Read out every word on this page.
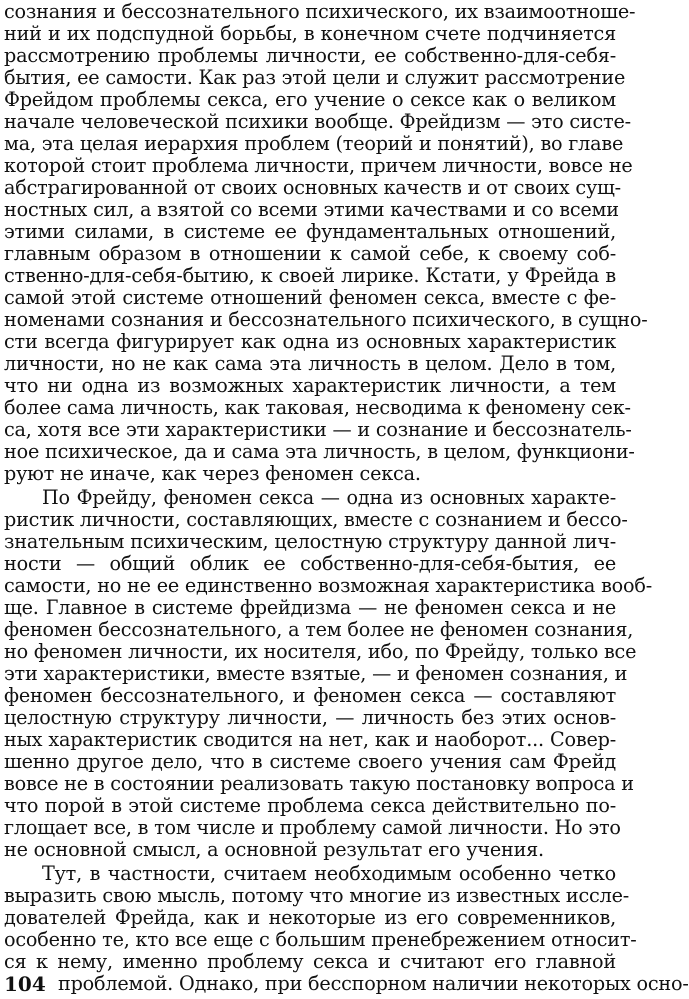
сознания и бессознательного психического, их взаимоотноше-
ний и их подспудной борьбы, в конечном счете подчиняется
рассмотрению проблемы личности, ее собственно-для-себя-
бытия, ее самости. Как раз этой цели и служит рассмотрение
Фрейдом проблемы секса, его учение о сексе как о великом
начале человеческой психики вообще. Фрейдизм — это систе-
ма, эта целая иерархия проблем (теорий и понятий), во главе
которой стоит проблема личности, причем личности, вовсе не
абстрагированной от своих основных качеств и от своих сущ-
ностных сил, а взятой со всеми этими качествами и со всеми
этими силами, в системе ее фундаментальных отношений,
главным образом в отношении к самой себе, к своему соб-
ственно-для-себя-бытию, к своей лирике. Кстати, у Фрейда в
самой этой системе отношений феномен секса, вместе с фе-
номенами сознания и бессознательного психического, в сущно-
сти всегда фигурирует как одна из основных характеристик
личности, но не как сама эта личность в целом. Дело в том,
что ни одна из возможных характеристик личности, а тем
более сама личность, как таковая, несводима к феномену сек-
са, хотя все эти характеристики — и сознание и бессознатель-
ное психическое, да и сама эта личность, в целом, функциони-
руют не иначе, как через феномен секса.
По Фрейду, феномен секса — одна из основных характе-
ристик личности, составляющих, вместе с сознанием и бессо-
знательным психическим, целостную структуру данной лич-
ности — общий облик ее собственно-для-себя-бытия, ее
самости, но не ее единственно возможная характеристика вооб-
ще. Главное в системе фрейдизма — не феномен секса и не
феномен бессознательного, а тем более не феномен сознания,
но феномен личности, их носителя, ибо, по Фрейду, только все
эти характеристики, вместе взятые, — и феномен сознания, и
феномен бессознательного, и феномен секса — составляют
целостную структуру личности, — личность без этих основ-
ных характеристик сводится на нет, как и наоборот... Совер-
шенно другое дело, что в системе своего учения сам Фрейд
вовсе не в состоянии реализовать такую постановку вопроса и
что порой в этой системе проблема секса действительно по-
глощает все, в том числе и проблему самой личности. Но это
не основной смысл, а основной результат его учения.
Тут, в частности, считаем необходимым особенно четко
выразить свою мысль, потому что многие из известных иссле-
дователей Фрейда, как и некоторые из его современников,
особенно те, кто все еще с большим пренебрежением относит-
ся к нему, именно проблему секса и считают его главной
проблемой. Однако, при бесспорном наличии некоторых осно-
104
